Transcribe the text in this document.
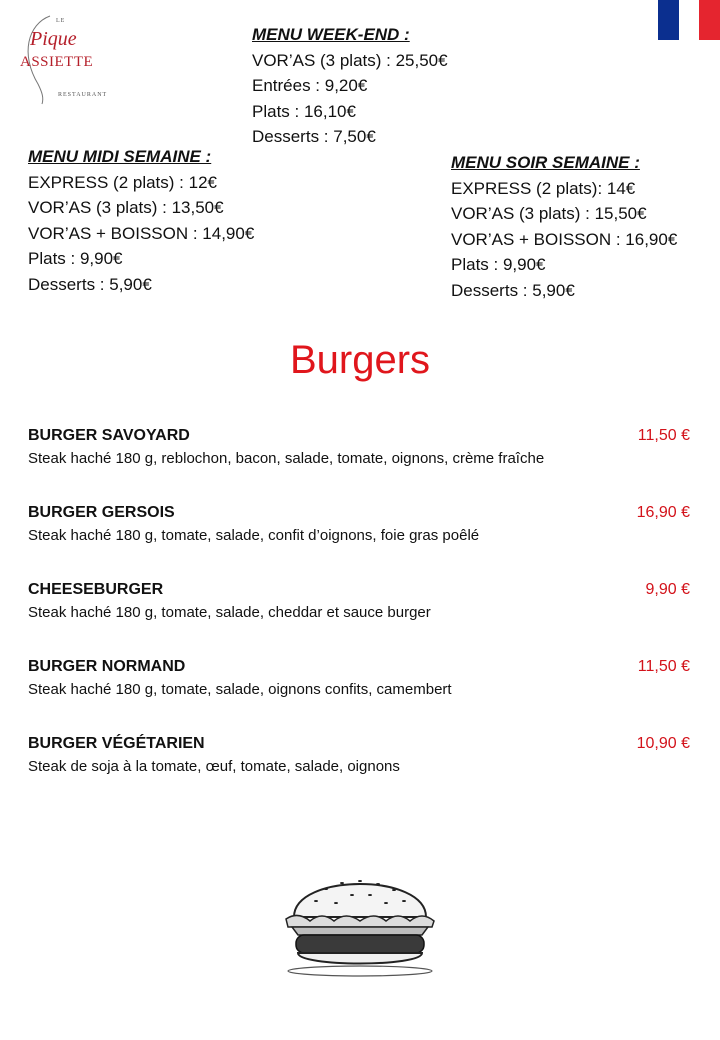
LE
Pique
ASSIETTE
RESTAURANT
MENU WEEK-END :
VOR’AS (3 plats) : 25,50€
Entrées : 9,20€
Plats : 16,10€
Desserts : 7,50€
MENU MIDI SEMAINE :
EXPRESS (2 plats) : 12€
VOR’AS (3 plats) : 13,50€
VOR’AS + BOISSON : 14,90€
Plats : 9,90€
Desserts : 5,90€
MENU SOIR SEMAINE :
EXPRESS (2 plats): 14€
VOR’AS (3 plats) : 15,50€
VOR’AS + BOISSON : 16,90€
Plats : 9,90€
Desserts : 5,90€
Burgers
BURGER SAVOYARD	11,50 €
Steak haché 180 g, reblochon, bacon, salade, tomate, oignons, crème fraîche
BURGER GERSOIS	16,90 €
Steak haché 180 g, tomate, salade, confit d’oignons, foie gras poêlé
CHEESEBURGER	9,90 €
Steak haché 180 g, tomate, salade, cheddar et sauce burger
BURGER NORMAND	11,50 €
Steak haché 180 g, tomate, salade, oignons confits, camembert
BURGER VÉGÉTARIEN	10,90 €
Steak de soja à la tomate, œuf, tomate, salade, oignons
